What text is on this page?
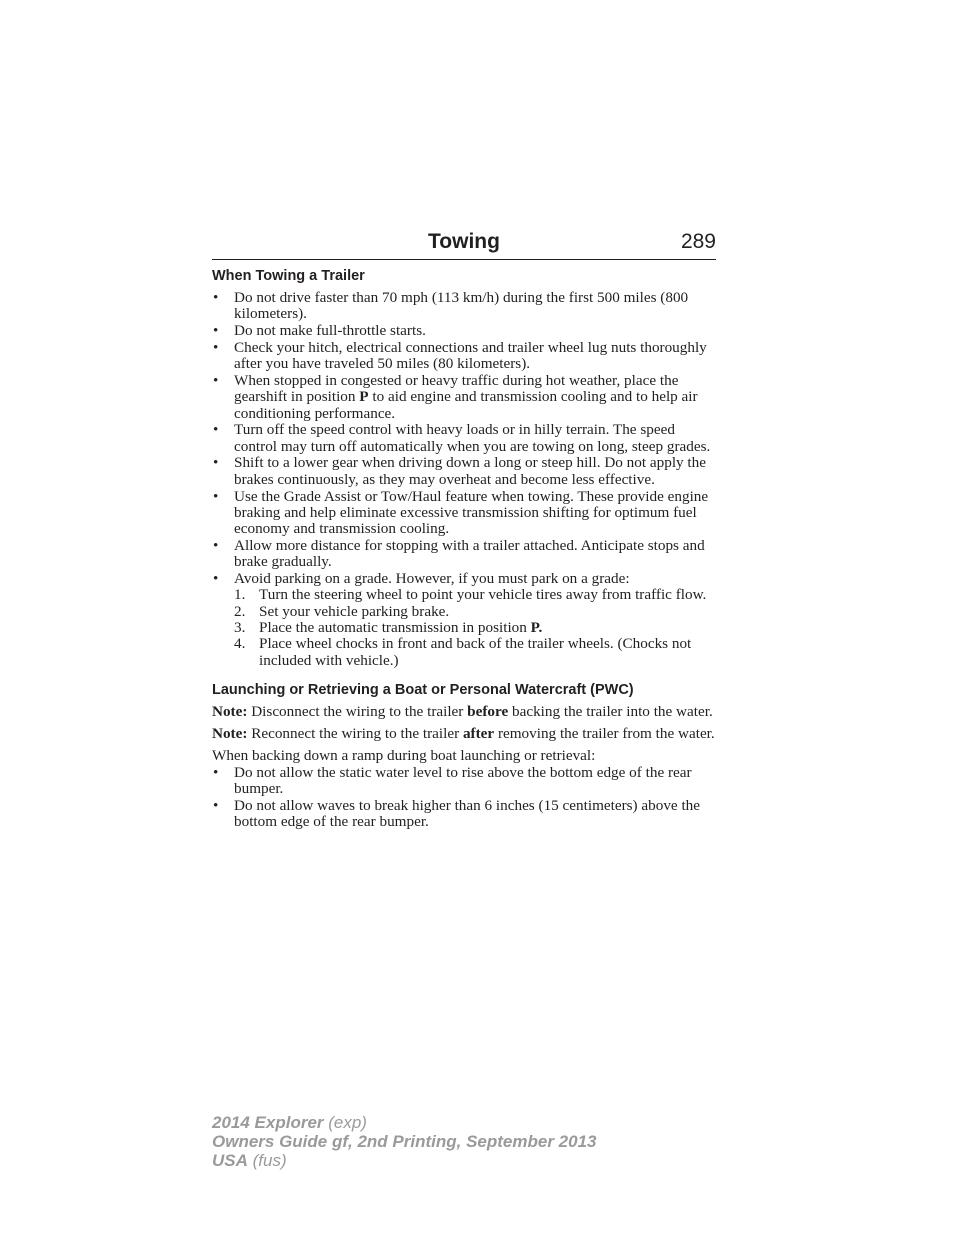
Towing	289
When Towing a Trailer
• Do not drive faster than 70 mph (113 km/h) during the first 500 miles (800 kilometers).
• Do not make full-throttle starts.
• Check your hitch, electrical connections and trailer wheel lug nuts thoroughly after you have traveled 50 miles (80 kilometers).
• When stopped in congested or heavy traffic during hot weather, place the gearshift in position P to aid engine and transmission cooling and to help air conditioning performance.
• Turn off the speed control with heavy loads or in hilly terrain. The speed control may turn off automatically when you are towing on long, steep grades.
• Shift to a lower gear when driving down a long or steep hill. Do not apply the brakes continuously, as they may overheat and become less effective.
• Use the Grade Assist or Tow/Haul feature when towing. These provide engine braking and help eliminate excessive transmission shifting for optimum fuel economy and transmission cooling.
• Allow more distance for stopping with a trailer attached. Anticipate stops and brake gradually.
• Avoid parking on a grade. However, if you must park on a grade:
1. Turn the steering wheel to point your vehicle tires away from traffic flow.
2. Set your vehicle parking brake.
3. Place the automatic transmission in position P.
4. Place wheel chocks in front and back of the trailer wheels. (Chocks not included with vehicle.)
Launching or Retrieving a Boat or Personal Watercraft (PWC)

Note: Disconnect the wiring to the trailer before backing the trailer into the water.

Note: Reconnect the wiring to the trailer after removing the trailer from the water.

When backing down a ramp during boat launching or retrieval:

• Do not allow the static water level to rise above the bottom edge of the rear bumper.
• Do not allow waves to break higher than 6 inches (15 centimeters) above the bottom edge of the rear bumper.
2014 Explorer (exp)
Owners Guide gf, 2nd Printing, September 2013
USA (fus)
